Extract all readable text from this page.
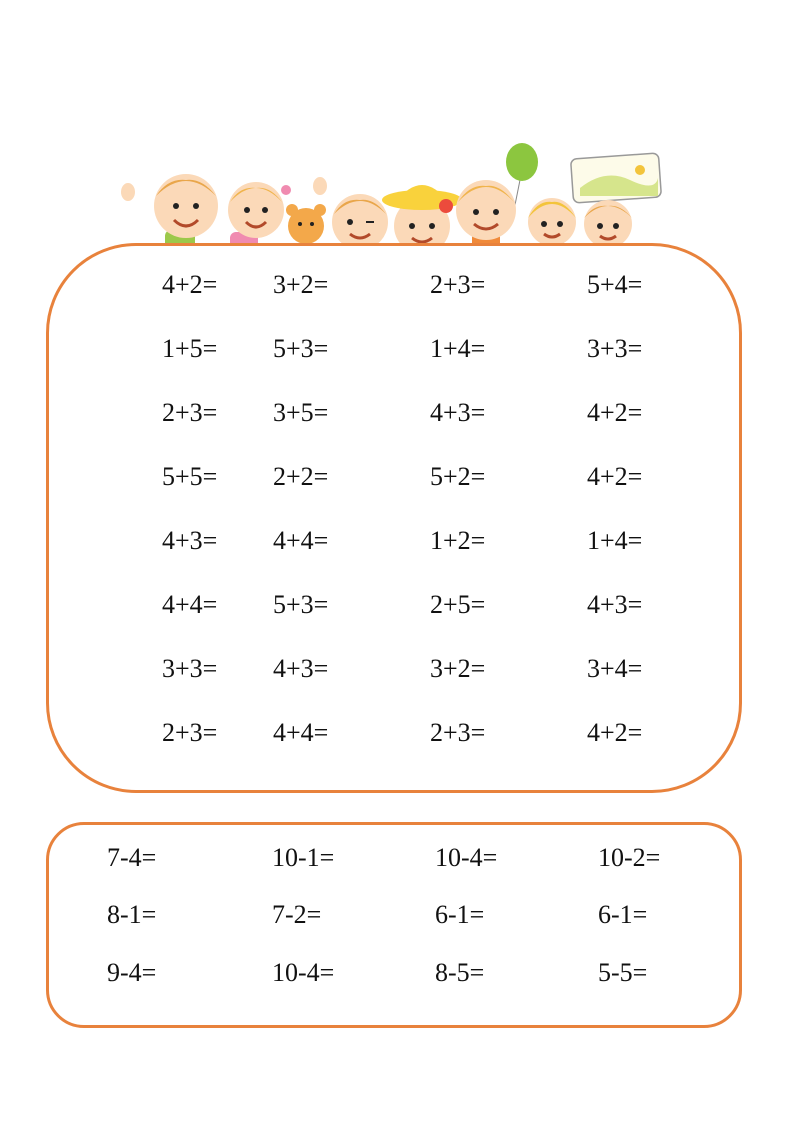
4+2= 3+2=	2+3=	5+4=
1+5= 5+3=	1+4=	3+3=
2+3= 3+5=	4+3=	4+2=
5+5= 2+2=	5+2=	4+2=
4+3= 4+4=	1+2=	1+4=
4+4= 5+3=	2+5=	4+3=
3+3= 4+3=	3+2=	3+4=
2+3= 4+4=	2+3=	4+2=
7-4=	10-1=	10-4=	10-2=
8-1=	7-2=	6-1=	6-1=
9-4=	10-4=	8-5=	5-5=
